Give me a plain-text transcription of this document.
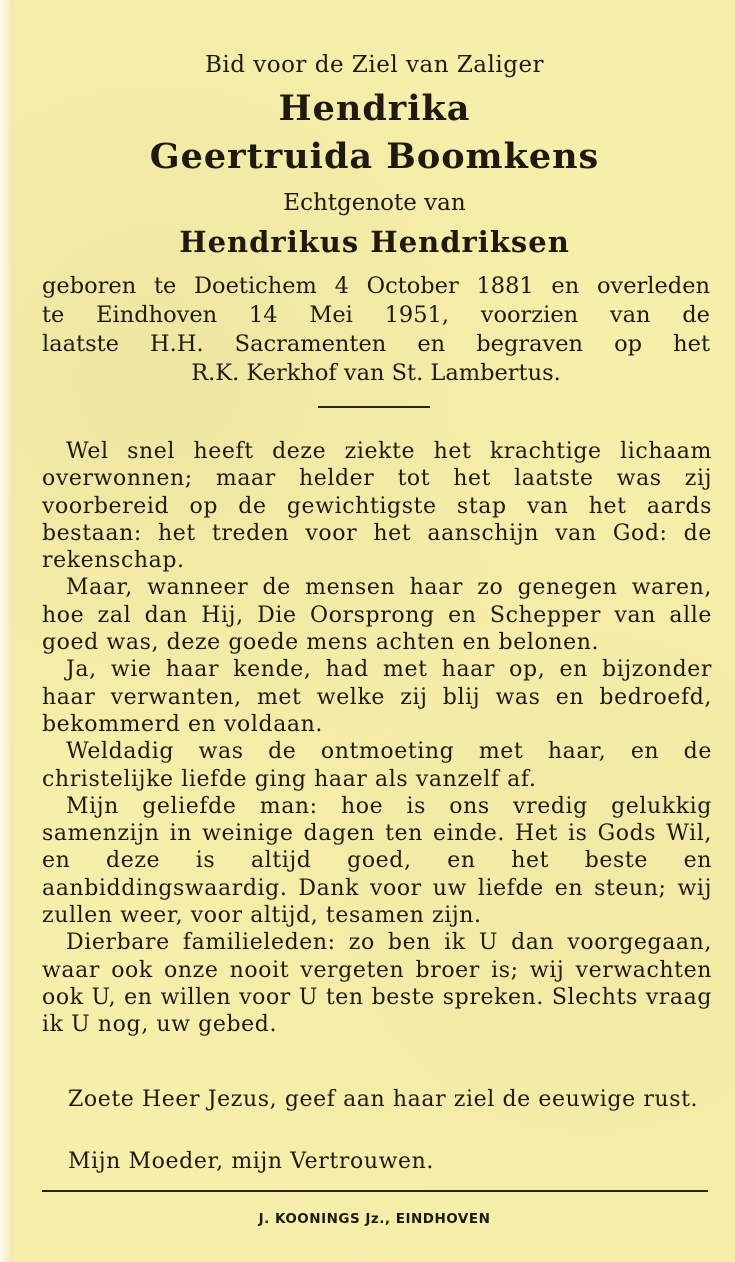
Bid voor de Ziel van Zaliger
Hendrika
Geertruida Boomkens
Echtgenote van
Hendrikus Hendriksen
geboren te Doetichem 4 October 1881 en overleden
te Eindhoven 14 Mei 1951, voorzien van de
laatste H.H. Sacramenten en begraven op het
R.K. Kerkhof van St. Lambertus.

Wel snel heeft deze ziekte het krachtige lichaam overwonnen; maar helder tot het laatste was zij voorbereid op de gewichtigste stap van het aards bestaan: het treden voor het aanschijn van God: de rekenschap.

Maar, wanneer de mensen haar zo genegen waren, hoe zal dan Hij, Die Oorsprong en Schepper van alle goed was, deze goede mens achten en belonen.

Ja, wie haar kende, had met haar op, en bijzonder haar verwanten, met welke zij blij was en bedroefd, bekommerd en voldaan.

Weldadig was de ontmoeting met haar, en de christelijke liefde ging haar als vanzelf af.

Mijn geliefde man: hoe is ons vredig gelukkig samenzijn in weinige dagen ten einde. Het is Gods Wil, en deze is altijd goed, en het beste en aanbiddingswaardig. Dank voor uw liefde en steun; wij zullen weer, voor altijd, tesamen zijn.

Dierbare familieleden: zo ben ik U dan voorgegaan, waar ook onze nooit vergeten broer is; wij verwachten ook U, en willen voor U ten beste spreken. Slechts vraag ik U nog, uw gebed.

Zoete Heer Jezus, geef aan haar ziel de eeuwige rust.
Mijn Moeder, mijn Vertrouwen.
J. KOONINGS Jz., EINDHOVEN
